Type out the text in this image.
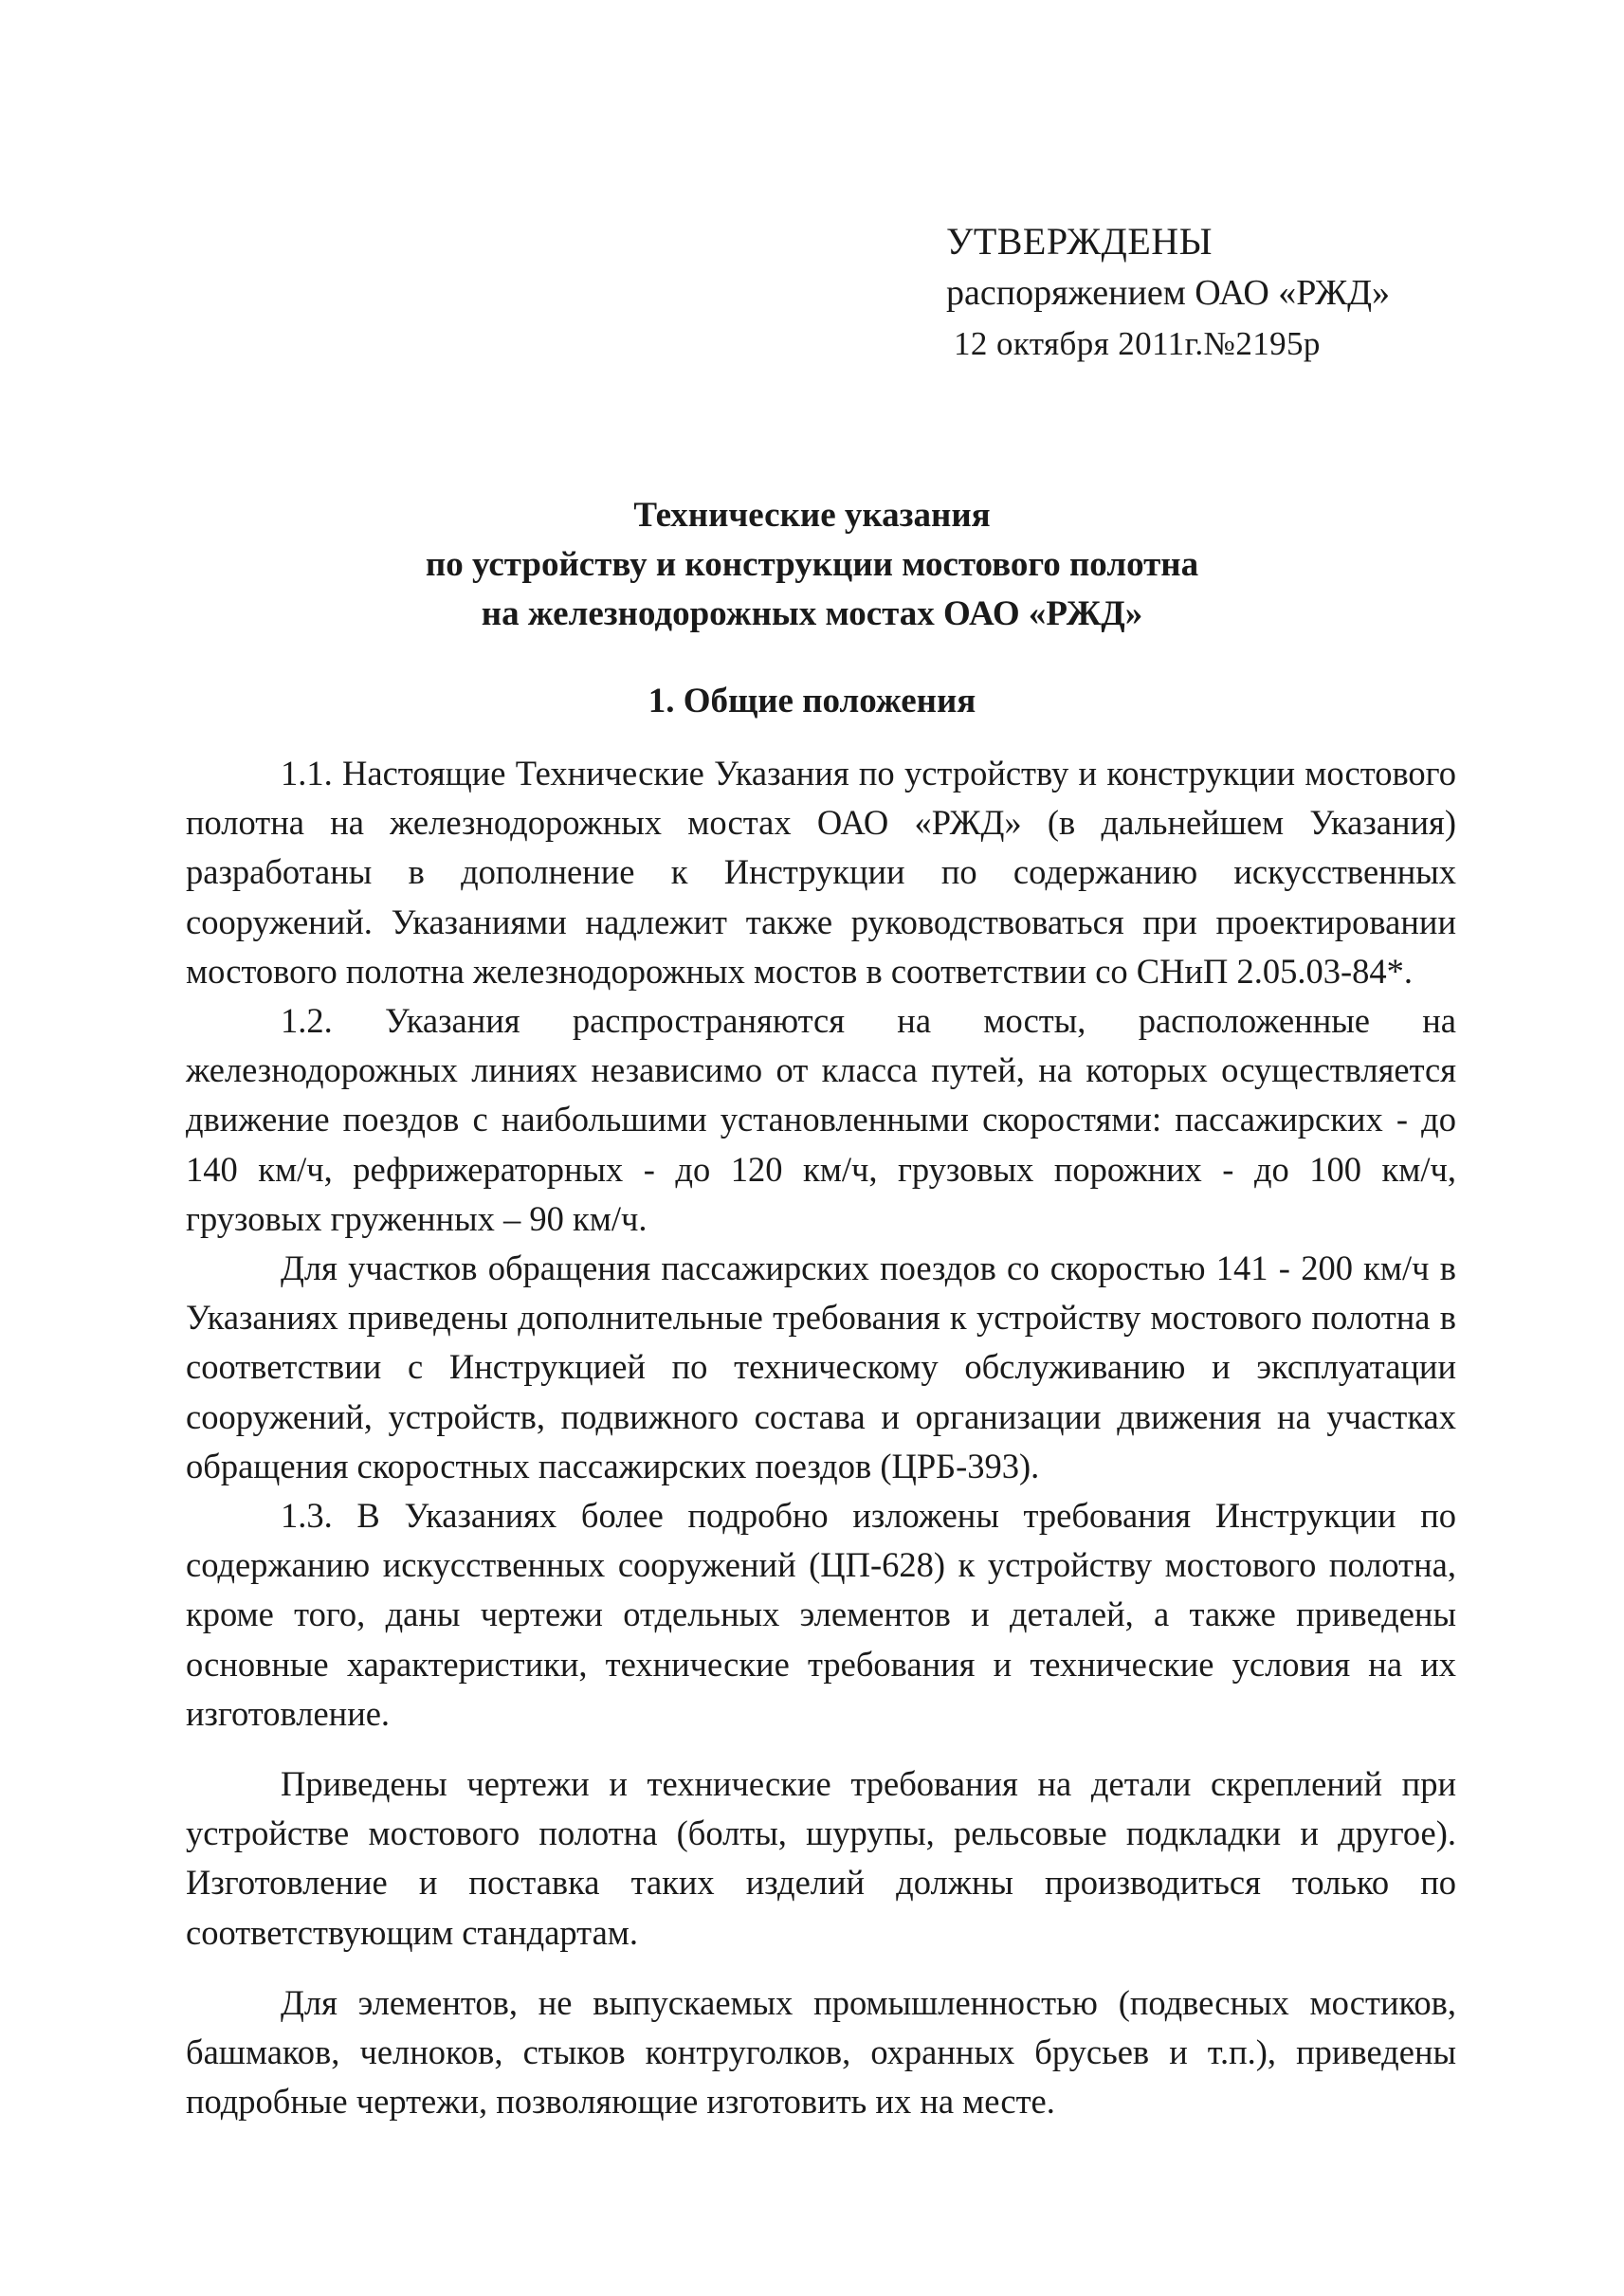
УТВЕРЖДЕНЫ
распоряжением ОАО «РЖД»
12 октября 2011г.№2195р
Технические указания
по устройству и конструкции мостового полотна
на железнодорожных мостах ОАО «РЖД»
1. Общие положения

1.1. Настоящие Технические Указания по устройству и конструкции мостового полотна на железнодорожных мостах ОАО «РЖД» (в дальнейшем Указания) разработаны в дополнение к Инструкции по содержанию искусственных сооружений. Указаниями надлежит также руководствоваться при проектировании мостового полотна железнодорожных мостов в соответствии со СНиП 2.05.03-84*.

1.2. Указания распространяются на мосты, расположенные на железнодорожных линиях независимо от класса путей, на которых осуществляется движение поездов с наибольшими установленными скоростями: пассажирских - до 140 км/ч, рефрижераторных - до 120 км/ч, грузовых порожних - до 100 км/ч, грузовых груженных – 90 км/ч.

Для участков обращения пассажирских поездов со скоростью 141 - 200 км/ч в Указаниях приведены дополнительные требования к устройству мостового полотна в соответствии с Инструкцией по техническому обслуживанию и эксплуатации сооружений, устройств, подвижного состава и организации движения на участках обращения скоростных пассажирских поездов (ЦРБ-393).

1.3. В Указаниях более подробно изложены требования Инструкции по содержанию искусственных сооружений (ЦП-628) к устройству мостового полотна, кроме того, даны чертежи отдельных элементов и деталей, а также приведены основные характеристики, технические требования и технические условия на их изготовление.

Приведены чертежи и технические требования на детали скреплений при устройстве мостового полотна (болты, шурупы, рельсовые подкладки и другое). Изготовление и поставка таких изделий должны производиться только по соответствующим стандартам.

Для элементов, не выпускаемых промышленностью (подвесных мостиков, башмаков, челноков, стыков контруголков, охранных брусьев и т.п.), приведены подробные чертежи, позволяющие изготовить их на месте.
